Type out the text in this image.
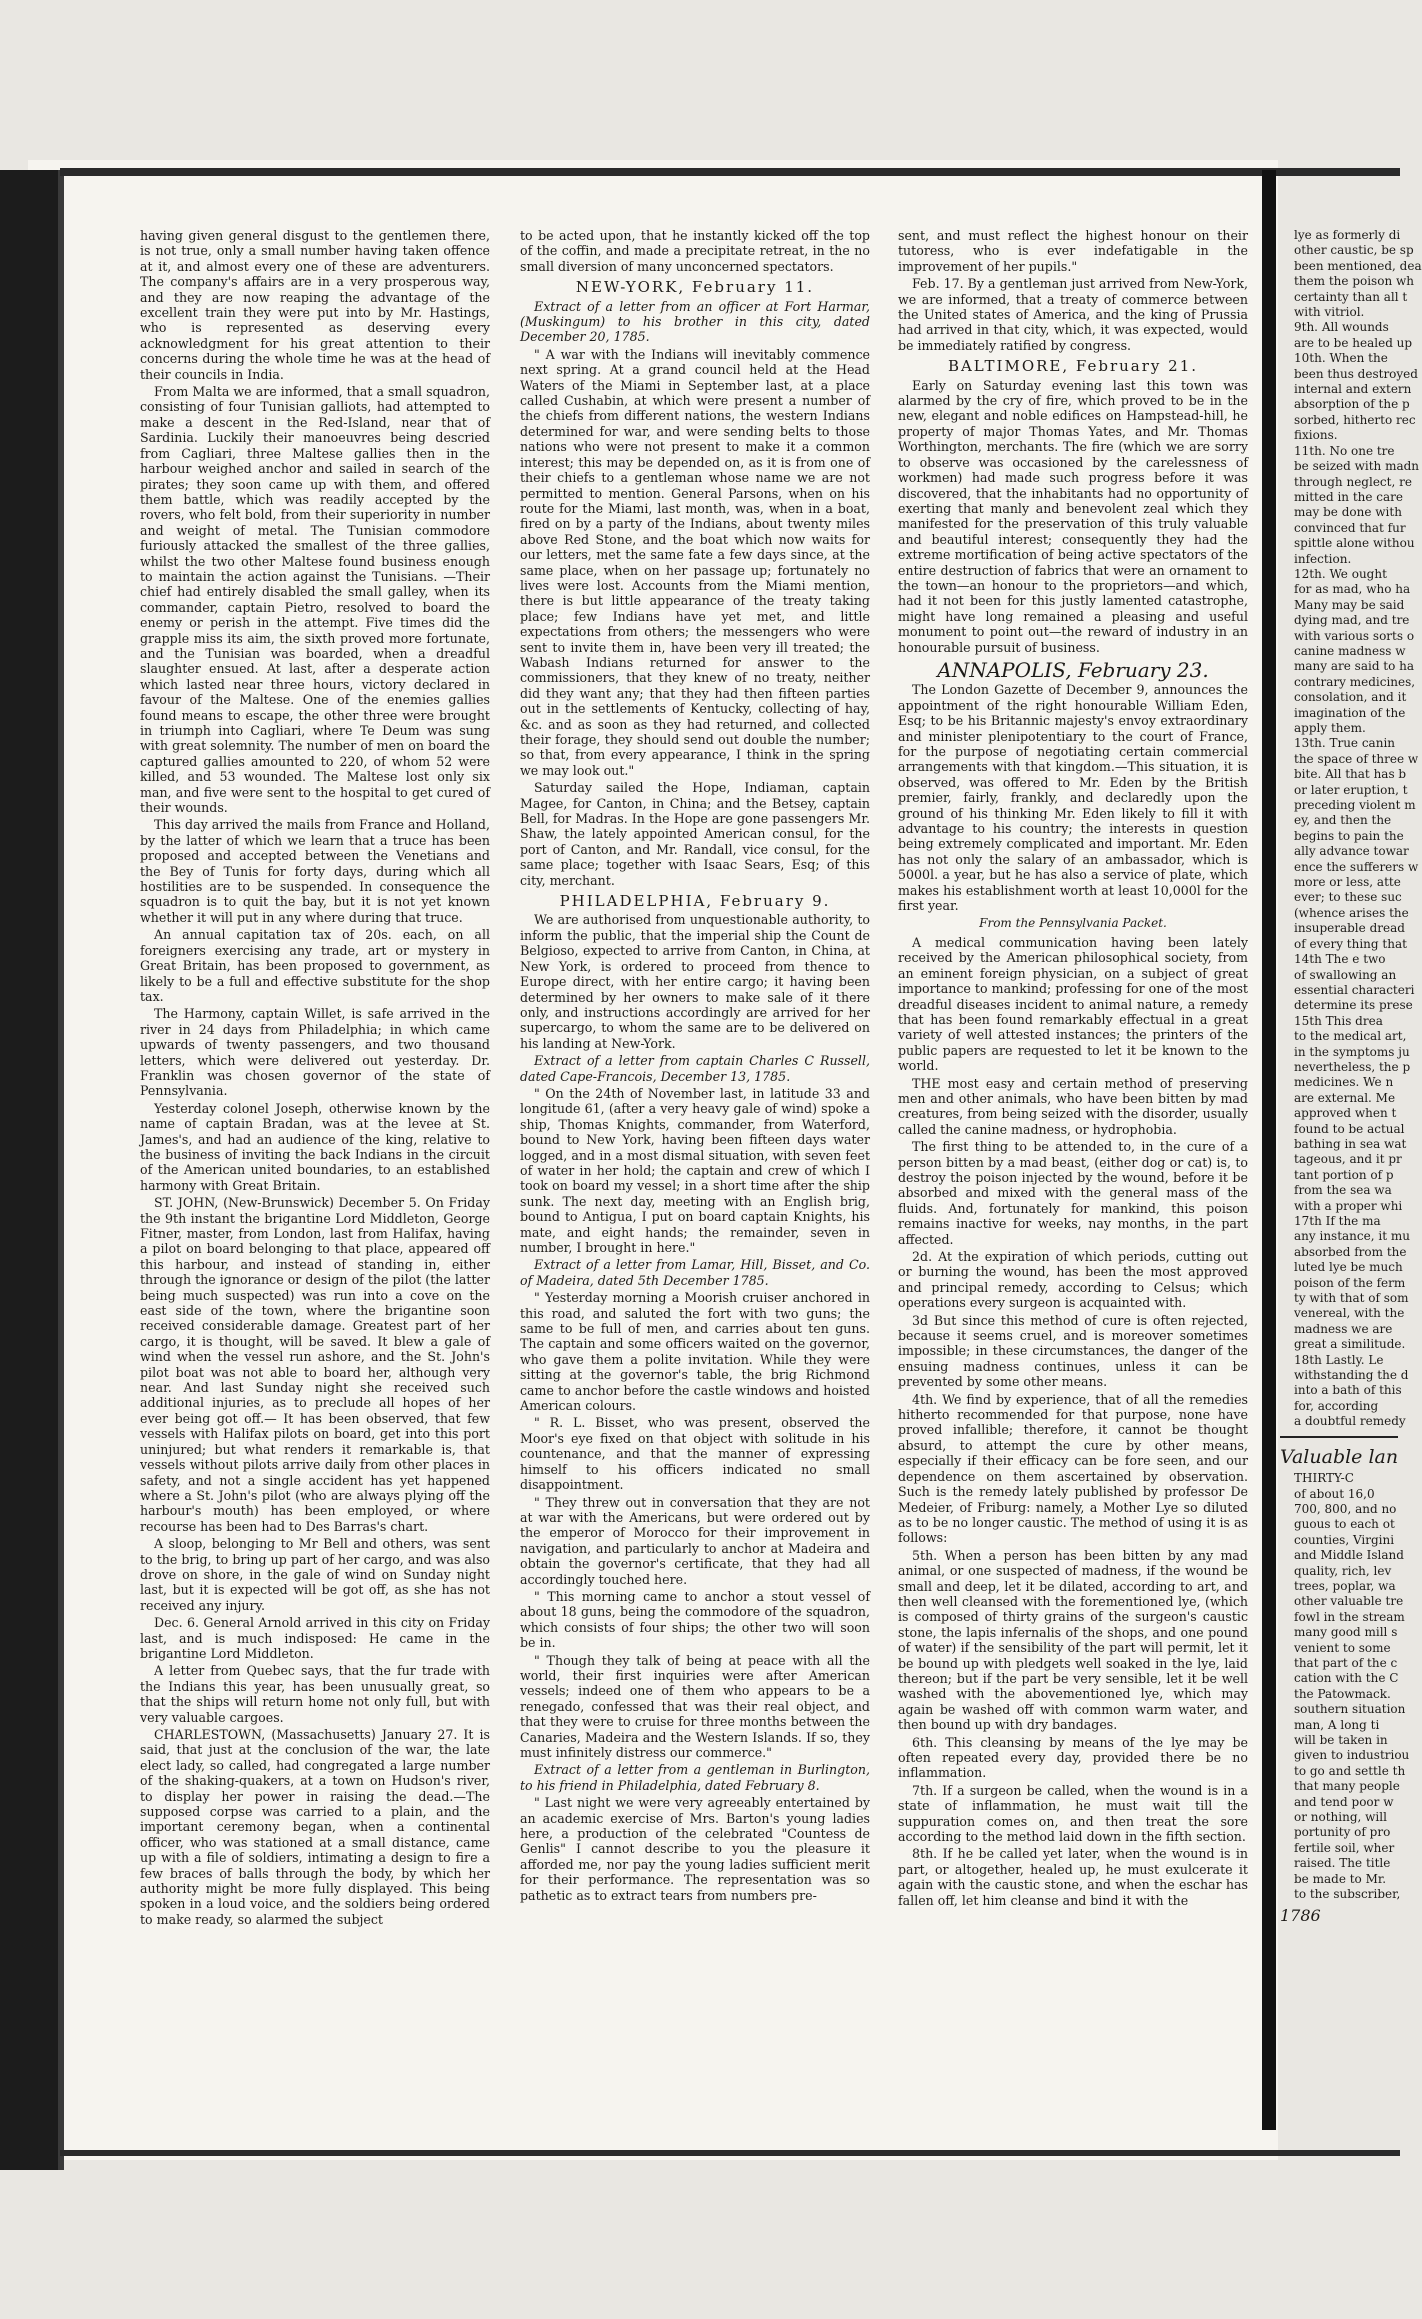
having given general disgust to the gentlemen there, is not true, only a small number having taken offence at it, and almost every one of these are adventurers. The company's affairs are in a very prosperous way, and they are now reaping the advantage of the excellent train they were put into by Mr. Hastings, who is represented as deserving every acknowledgment for his great attention to their concerns during the whole time he was at the head of their councils in India.

From Malta we are informed, that a small squadron, consisting of four Tunisian galliots, had attempted to make a descent in the Red-Island, near that of Sardinia. Luckily their manoeuvres being descried from Cagliari, three Maltese gallies then in the harbour weighed anchor and sailed in search of the pirates; they soon came up with them, and offered them battle, which was readily accepted by the rovers, who felt bold, from their superiority in number and weight of metal. The Tunisian commodore furiously attacked the smallest of the three gallies, whilst the two other Maltese found business enough to maintain the action against the Tunisians. —Their chief had entirely disabled the small galley, when its commander, captain Pietro, resolved to board the enemy or perish in the attempt. Five times did the grapple miss its aim, the sixth proved more fortunate, and the Tunisian was boarded, when a dreadful slaughter ensued. At last, after a desperate action which lasted near three hours, victory declared in favour of the Maltese. One of the enemies gallies found means to escape, the other three were brought in triumph into Cagliari, where Te Deum was sung with great solemnity. The number of men on board the captured gallies amounted to 220, of whom 52 were killed, and 53 wounded. The Maltese lost only six man, and five were sent to the hospital to get cured of their wounds.

This day arrived the mails from France and Holland, by the latter of which we learn that a truce has been proposed and accepted between the Venetians and the Bey of Tunis for forty days, during which all hostilities are to be suspended. In consequence the squadron is to quit the bay, but it is not yet known whether it will put in any where during that truce.

An annual capitation tax of 20s. each, on all foreigners exercising any trade, art or mystery in Great Britain, has been proposed to government, as likely to be a full and effective substitute for the shop tax.

The Harmony, captain Willet, is safe arrived in the river in 24 days from Philadelphia; in which came upwards of twenty passengers, and two thousand letters, which were delivered out yesterday. Dr. Franklin was chosen governor of the state of Pennsylvania.

Yesterday colonel Joseph, otherwise known by the name of captain Bradan, was at the levee at St. James's, and had an audience of the king, relative to the business of inviting the back Indians in the circuit of the American united boundaries, to an established harmony with Great Britain.

ST. JOHN, (New-Brunswick) December 5. On Friday the 9th instant the brigantine Lord Middleton, George Fitner, master, from London, last from Halifax, having a pilot on board belonging to that place, appeared off this harbour, and instead of standing in, either through the ignorance or design of the pilot (the latter being much suspected) was run into a cove on the east side of the town, where the brigantine soon received considerable damage. Greatest part of her cargo, it is thought, will be saved. It blew a gale of wind when the vessel run ashore, and the St. John's pilot boat was not able to board her, although very near. And last Sunday night she received such additional injuries, as to preclude all hopes of her ever being got off.— It has been observed, that few vessels with Halifax pilots on board, get into this port uninjured; but what renders it remarkable is, that vessels without pilots arrive daily from other places in safety, and not a single accident has yet happened where a St. John's pilot (who are always plying off the harbour's mouth) has been employed, or where recourse has been had to Des Barras's chart.

A sloop, belonging to Mr Bell and others, was sent to the brig, to bring up part of her cargo, and was also drove on shore, in the gale of wind on Sunday night last, but it is expected will be got off, as she has not received any injury.

Dec. 6. General Arnold arrived in this city on Friday last, and is much indisposed: He came in the brigantine Lord Middleton.

A letter from Quebec says, that the fur trade with the Indians this year, has been unusually great, so that the ships will return home not only full, but with very valuable cargoes.

CHARLESTOWN, (Massachusetts) January 27. It is said, that just at the conclusion of the war, the late elect lady, so called, had congregated a large number of the shaking-quakers, at a town on Hudson's river, to display her power in raising the dead.—The supposed corpse was carried to a plain, and the important ceremony began, when a continental officer, who was stationed at a small distance, came up with a file of soldiers, intimating a design to fire a few braces of balls through the body, by which her authority might be more fully displayed. This being spoken in a loud voice, and the soldiers being ordered to make ready, so alarmed the subject

to be acted upon, that he instantly kicked off the top of the coffin, and made a precipitate retreat, in the no small diversion of many unconcerned spectators.

NEW-YORK, February 11.

Extract of a letter from an officer at Fort Harmar, (Muskingum) to his brother in this city, dated December 20, 1785.

" A war with the Indians will inevitably commence next spring. At a grand council held at the Head Waters of the Miami in September last, at a place called Cushabin, at which were present a number of the chiefs from different nations, the western Indians determined for war, and were sending belts to those nations who were not present to make it a common interest; this may be depended on, as it is from one of their chiefs to a gentleman whose name we are not permitted to mention. General Parsons, when on his route for the Miami, last month, was, when in a boat, fired on by a party of the Indians, about twenty miles above Red Stone, and the boat which now waits for our letters, met the same fate a few days since, at the same place, when on her passage up; fortunately no lives were lost. Accounts from the Miami mention, there is but little appearance of the treaty taking place; few Indians have yet met, and little expectations from others; the messengers who were sent to invite them in, have been very ill treated; the Wabash Indians returned for answer to the commissioners, that they knew of no treaty, neither did they want any; that they had then fifteen parties out in the settlements of Kentucky, collecting of hay, &c. and as soon as they had returned, and collected their forage, they should send out double the number; so that, from every appearance, I think in the spring we may look out."

Saturday sailed the Hope, Indiaman, captain Magee, for Canton, in China; and the Betsey, captain Bell, for Madras. In the Hope are gone passengers Mr. Shaw, the lately appointed American consul, for the port of Canton, and Mr. Randall, vice consul, for the same place; together with Isaac Sears, Esq; of this city, merchant.

PHILADELPHIA, February 9.

We are authorised from unquestionable authority, to inform the public, that the imperial ship the Count de Belgioso, expected to arrive from Canton, in China, at New York, is ordered to proceed from thence to Europe direct, with her entire cargo; it having been determined by her owners to make sale of it there only, and instructions accordingly are arrived for her supercargo, to whom the same are to be delivered on his landing at New-York.

Extract of a letter from captain Charles C Russell, dated Cape-Francois, December 13, 1785.

" On the 24th of November last, in latitude 33 and longitude 61, (after a very heavy gale of wind) spoke a ship, Thomas Knights, commander, from Waterford, bound to New York, having been fifteen days water logged, and in a most dismal situation, with seven feet of water in her hold; the captain and crew of which I took on board my vessel; in a short time after the ship sunk. The next day, meeting with an English brig, bound to Antigua, I put on board captain Knights, his mate, and eight hands; the remainder, seven in number, I brought in here."

Extract of a letter from Lamar, Hill, Bisset, and Co. of Madeira, dated 5th December 1785.

" Yesterday morning a Moorish cruiser anchored in this road, and saluted the fort with two guns; the same to be full of men, and carries about ten guns. The captain and some officers waited on the governor, who gave them a polite invitation. While they were sitting at the governor's table, the brig Richmond came to anchor before the castle windows and hoisted American colours.

" R. L. Bisset, who was present, observed the Moor's eye fixed on that object with solitude in his countenance, and that the manner of expressing himself to his officers indicated no small disappointment.

" They threw out in conversation that they are not at war with the Americans, but were ordered out by the emperor of Morocco for their improvement in navigation, and particularly to anchor at Madeira and obtain the governor's certificate, that they had all accordingly touched here.

" This morning came to anchor a stout vessel of about 18 guns, being the commodore of the squadron, which consists of four ships; the other two will soon be in.

" Though they talk of being at peace with all the world, their first inquiries were after American vessels; indeed one of them who appears to be a renegado, confessed that was their real object, and that they were to cruise for three months between the Canaries, Madeira and the Western Islands. If so, they must infinitely distress our commerce."

Extract of a letter from a gentleman in Burlington, to his friend in Philadelphia, dated February 8.

" Last night we were very agreeably entertained by an academic exercise of Mrs. Barton's young ladies here, a production of the celebrated "Countess de Genlis" I cannot describe to you the pleasure it afforded me, nor pay the young ladies sufficient merit for their performance. The representation was so pathetic as to extract tears from numbers pre-

sent, and must reflect the highest honour on their tutoress, who is ever indefatigable in the improvement of her pupils."

Feb. 17. By a gentleman just arrived from New-York, we are informed, that a treaty of commerce between the United states of America, and the king of Prussia had arrived in that city, which, it was expected, would be immediately ratified by congress.

BALTIMORE, February 21.

Early on Saturday evening last this town was alarmed by the cry of fire, which proved to be in the new, elegant and noble edifices on Hampstead-hill, he property of major Thomas Yates, and Mr. Thomas Worthington, merchants. The fire (which we are sorry to observe was occasioned by the carelessness of workmen) had made such progress before it was discovered, that the inhabitants had no opportunity of exerting that manly and benevolent zeal which they manifested for the preservation of this truly valuable and beautiful interest; consequently they had the extreme mortification of being active spectators of the entire destruction of fabrics that were an ornament to the town—an honour to the proprietors—and which, had it not been for this justly lamented catastrophe, might have long remained a pleasing and useful monument to point out—the reward of industry in an honourable pursuit of business.

ANNAPOLIS, February 23.

The London Gazette of December 9, announces the appointment of the right honourable William Eden, Esq; to be his Britannic majesty's envoy extraordinary and minister plenipotentiary to the court of France, for the purpose of negotiating certain commercial arrangements with that kingdom.—This situation, it is observed, was offered to Mr. Eden by the British premier, fairly, frankly, and declaredly upon the ground of his thinking Mr. Eden likely to fill it with advantage to his country; the interests in question being extremely complicated and important. Mr. Eden has not only the salary of an ambassador, which is 5000l. a year, but he has also a service of plate, which makes his establishment worth at least 10,000l for the first year.

From the Pennsylvania Packet.

A medical communication having been lately received by the American philosophical society, from an eminent foreign physician, on a subject of great importance to mankind; professing for one of the most dreadful diseases incident to animal nature, a remedy that has been found remarkably effectual in a great variety of well attested instances; the printers of the public papers are requested to let it be known to the world.

THE most easy and certain method of preserving men and other animals, who have been bitten by mad creatures, from being seized with the disorder, usually called the canine madness, or hydrophobia.

The first thing to be attended to, in the cure of a person bitten by a mad beast, (either dog or cat) is, to destroy the poison injected by the wound, before it be absorbed and mixed with the general mass of the fluids. And, fortunately for mankind, this poison remains inactive for weeks, nay months, in the part affected.

2d. At the expiration of which periods, cutting out or burning the wound, has been the most approved and principal remedy, according to Celsus; which operations every surgeon is acquainted with.

3d But since this method of cure is often rejected, because it seems cruel, and is moreover sometimes impossible; in these circumstances, the danger of the ensuing madness continues, unless it can be prevented by some other means.

4th. We find by experience, that of all the remedies hitherto recommended for that purpose, none have proved infallible; therefore, it cannot be thought absurd, to attempt the cure by other means, especially if their efficacy can be fore seen, and our dependence on them ascertained by observation. Such is the remedy lately published by professor De Medeier, of Friburg: namely, a Mother Lye so diluted as to be no longer caustic. The method of using it is as follows:

5th. When a person has been bitten by any mad animal, or one suspected of madness, if the wound be small and deep, let it be dilated, according to art, and then well cleansed with the forementioned lye, (which is composed of thirty grains of the surgeon's caustic stone, the lapis infernalis of the shops, and one pound of water) if the sensibility of the part will permit, let it be bound up with pledgets well soaked in the lye, laid thereon; but if the part be very sensible, let it be well washed with the abovementioned lye, which may again be washed off with common warm water, and then bound up with dry bandages.

6th. This cleansing by means of the lye may be often repeated every day, provided there be no inflammation.

7th. If a surgeon be called, when the wound is in a state of inflammation, he must wait till the suppuration comes on, and then treat the sore according to the method laid down in the fifth section.

8th. If he be called yet later, when the wound is in part, or altogether, healed up, he must exulcerate it again with the caustic stone, and when the eschar has fallen off, let him cleanse and bind it with the

lye as formerly di

other caustic, be sp

been mentioned, dea

them the poison wh

certainty than all t

with vitriol.

9th. All wounds

are to be healed up

10th. When the

been thus destroyed

internal and extern

absorption of the p

sorbed, hitherto rec

fixions.

11th. No one tre

be seized with madn

through neglect, re

mitted in the care

may be done with

convinced that fur

spittle alone withou

infection.

12th. We ought

for as mad, who ha

Many may be said

dying mad, and tre

with various sorts o

canine madness w

many are said to ha

contrary medicines,

consolation, and it

imagination of the

apply them.

13th. True canin

the space of three w

bite. All that has b

or later eruption, t

preceding violent m

ey, and then the

begins to pain the

ally advance towar

ence the sufferers w

more or less, atte

ever; to these suc

(whence arises the

insuperable dread

of every thing that

14th The e two

of swallowing an

essential characteri

determine its prese

15th This drea

to the medical art,

in the symptoms ju

nevertheless, the p

medicines. We n

are external. Me

approved when t

found to be actual

bathing in sea wat

tageous, and it pr

tant portion of p

from the sea wa

with a proper whi

17th If the ma

any instance, it mu

absorbed from the

luted lye be much

poison of the ferm

ty with that of som

venereal, with the

madness we are

great a similitude.

18th Lastly. Le

withstanding the d

into a bath of this

for, according

a doubtful remedy

Valuable lan

THIRTY-C

of about 16,0

700, 800, and no

guous to each ot

counties, Virgini

and Middle Island

quality, rich, lev

trees, poplar, wa

other valuable tre

fowl in the stream

many good mill s

venient to some

that part of the c

cation with the C

the Patowmack.

southern situation

man, A long ti

will be taken in

given to industriou

to go and settle th

that many people

and tend poor w

or nothing, will

portunity of pro

fertile soil, wher

raised. The title

be made to Mr.

to the subscriber,

1786
